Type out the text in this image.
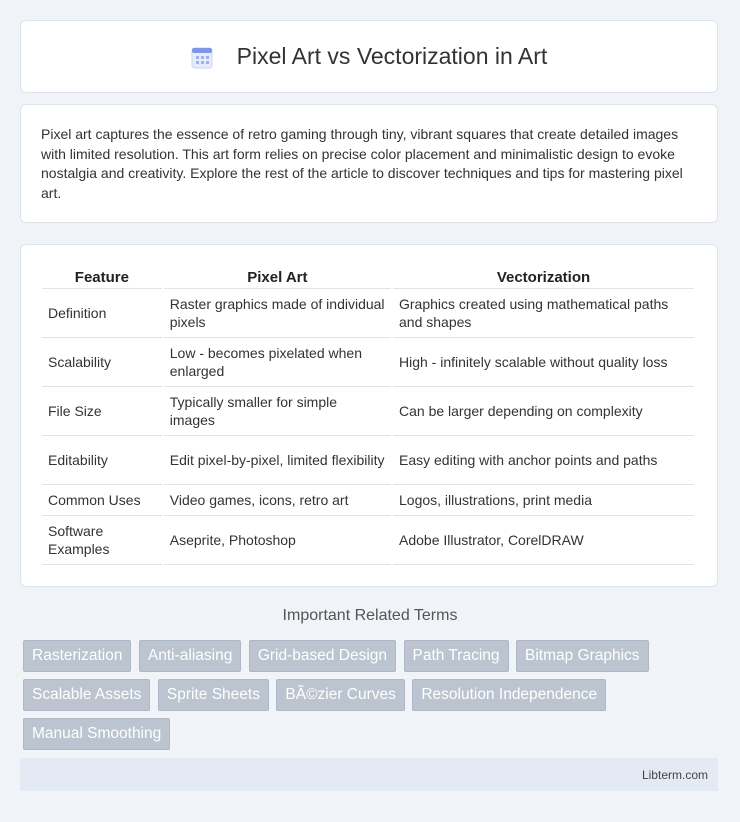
Pixel Art vs Vectorization in Art

Pixel art captures the essence of retro gaming through tiny, vibrant squares that create detailed images with limited resolution. This art form relies on precise color placement and minimalistic design to evoke nostalgia and creativity. Explore the rest of the article to discover techniques and tips for mastering pixel art.

Feature	Pixel Art	Vectorization
Definition	Raster graphics made of individual pixels	Graphics created using mathematical paths and shapes
Scalability	Low - becomes pixelated when enlarged	High - infinitely scalable without quality loss
File Size	Typically smaller for simple images	Can be larger depending on complexity
Editability	Edit pixel-by-pixel, limited flexibility	Easy editing with anchor points and paths
Common Uses	Video games, icons, retro art	Logos, illustrations, print media
Software Examples	Aseprite, Photoshop	Adobe Illustrator, CorelDRAW
Important Related Terms
Rasterization Anti-aliasing Grid-based Design Path Tracing Bitmap Graphics Scalable Assets Sprite Sheets BÃ©zier Curves Resolution Independence Manual Smoothing
Libterm.com
